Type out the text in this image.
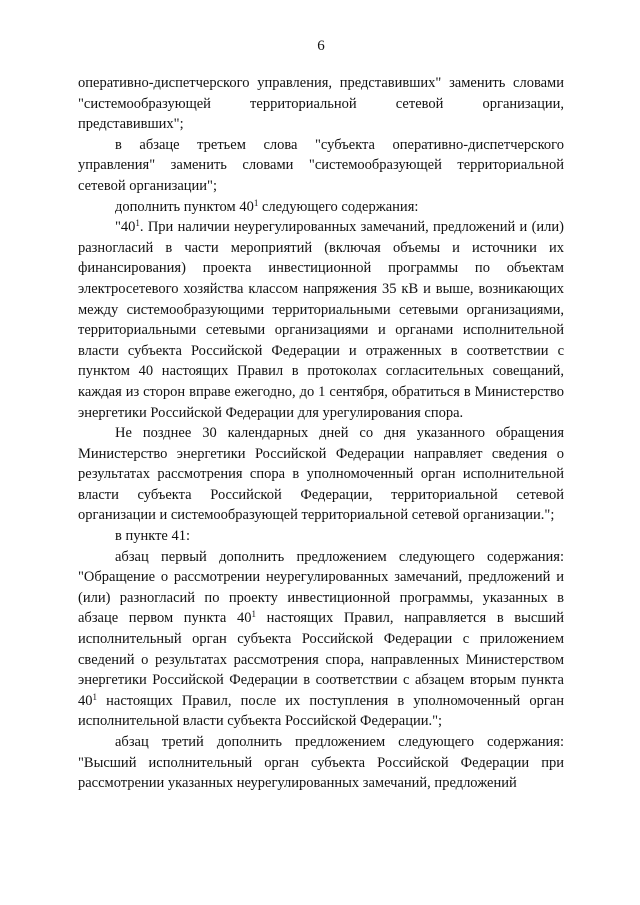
6

оперативно-диспетчерского управления, представивших" заменить словами "системообразующей территориальной сетевой организации, представивших";

в абзаце третьем слова "субъекта оперативно-диспетчерского управления" заменить словами "системообразующей территориальной сетевой организации";

дополнить пунктом $40^1$ следующего содержания:

"$40^1$. При наличии неурегулированных замечаний, предложений и (или) разногласий в части мероприятий (включая объемы и источники их финансирования) проекта инвестиционной программы по объектам электросетевого хозяйства классом напряжения 35 кВ и выше, возникающих между системообразующими территориальными сетевыми организациями, территориальными сетевыми организациями и органами исполнительной власти субъекта Российской Федерации и отраженных в соответствии с пунктом 40 настоящих Правил в протоколах согласительных совещаний, каждая из сторон вправе ежегодно, до 1 сентября, обратиться в Министерство энергетики Российской Федерации для урегулирования спора.

Не позднее 30 календарных дней со дня указанного обращения Министерство энергетики Российской Федерации направляет сведения о результатах рассмотрения спора в уполномоченный орган исполнительной власти субъекта Российской Федерации, территориальной сетевой организации и системообразующей территориальной сетевой организации.";

в пункте 41:

абзац первый дополнить предложением следующего содержания: "Обращение о рассмотрении неурегулированных замечаний, предложений и (или) разногласий по проекту инвестиционной программы, указанных в абзаце первом пункта $40^1$ настоящих Правил, направляется в высший исполнительный орган субъекта Российской Федерации с приложением сведений о результатах рассмотрения спора, направленных Министерством энергетики Российской Федерации в соответствии с абзацем вторым пункта $40^1$ настоящих Правил, после их поступления в уполномоченный орган исполнительной власти субъекта Российской Федерации.";

абзац третий дополнить предложением следующего содержания: "Высший исполнительный орган субъекта Российской Федерации при рассмотрении указанных неурегулированных замечаний, предложений
